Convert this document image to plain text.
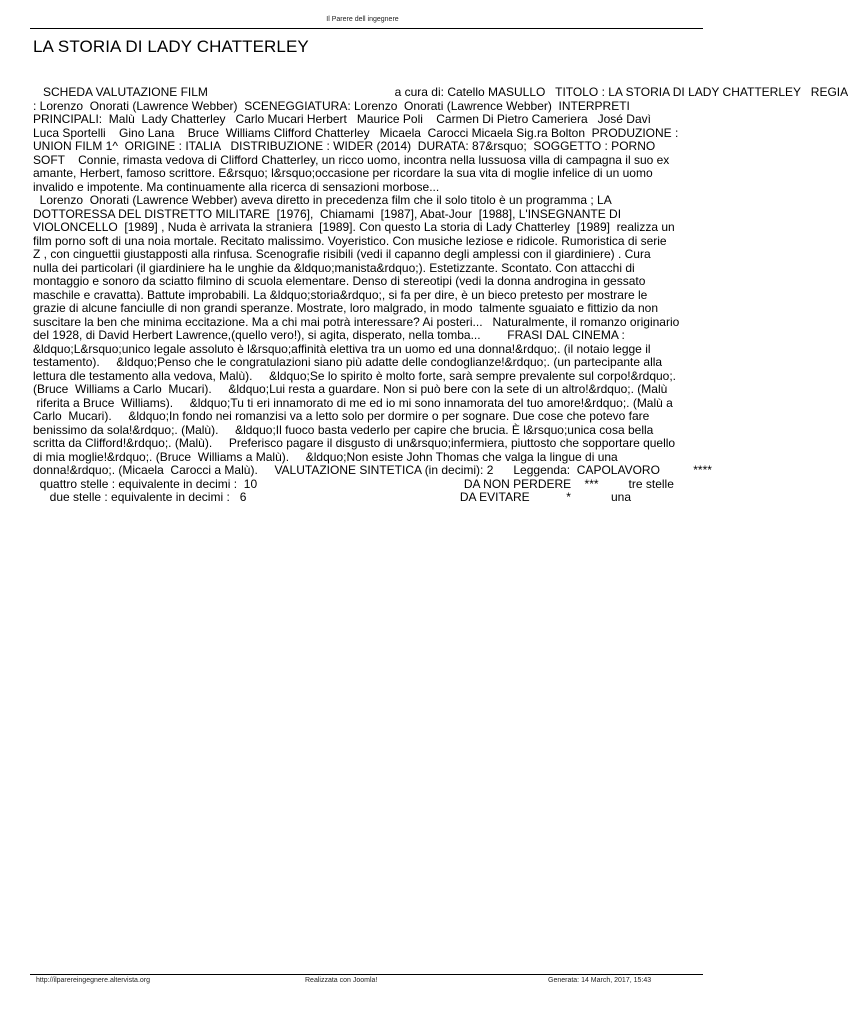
Il Parere dell ingegnere
LA STORIA DI LADY CHATTERLEY
SCHEDA VALUTAZIONE FILM                                                        a cura di: Catello MASULLO   TITOLO : LA STORIA DI LADY CHATTERLEY   REGIA
: Lorenzo  Onorati (Lawrence Webber)  SCENEGGIATURA: Lorenzo  Onorati (Lawrence Webber)  INTERPRETI
PRINCIPALI:  Malù  Lady Chatterley   Carlo Mucari Herbert   Maurice Poli    Carmen Di Pietro Cameriera   José Davì
Luca Sportelli    Gino Lana    Bruce  Williams Clifford Chatterley   Micaela  Carocci Micaela Sig.ra Bolton  PRODUZIONE :
UNION FILM 1^  ORIGINE : ITALIA   DISTRIBUZIONE : WIDER (2014)  DURATA: 87&rsquo;  SOGGETTO : PORNO
SOFT    Connie, rimasta vedova di Clifford Chatterley, un ricco uomo, incontra nella lussuosa villa di campagna il suo ex
amante, Herbert, famoso scrittore. E&rsquo; l&rsquo;occasione per ricordare la sua vita di moglie infelice di un uomo
invalido e impotente. Ma continuamente alla ricerca di sensazioni morbose...
Lorenzo  Onorati (Lawrence Webber) aveva diretto in precedenza film che il solo titolo è un programma ; LA
DOTTORESSA DEL DISTRETTO MILITARE  [1976],  Chiamami  [1987], Abat-Jour  [1988], L'INSEGNANTE DI
VIOLONCELLO  [1989] , Nuda è arrivata la straniera  [1989]. Con questo La storia di Lady Chatterley  [1989]  realizza un
film porno soft di una noia mortale. Recitato malissimo. Voyeristico. Con musiche leziose e ridicole. Rumoristica di serie
Z , con cinguettii giustapposti alla rinfusa. Scenografie risibili (vedi il capanno degli amplessi con il giardiniere) . Cura
nulla dei particolari (il giardiniere ha le unghie da &ldquo;manista&rdquo;). Estetizzante. Scontato. Con attacchi di
montaggio e sonoro da sciatto filmino di scuola elementare. Denso di stereotipi (vedi la donna androgina in gessato
maschile e cravatta). Battute improbabili. La &ldquo;storia&rdquo;, si fa per dire, è un bieco pretesto per mostrare le
grazie di alcune fanciulle di non grandi speranze. Mostrate, loro malgrado, in modo  talmente sguaiato e fittizio da non
suscitare la ben che minima eccitazione. Ma a chi mai potrà interessare? Ai posteri...   Naturalmente, il romanzo originario
del 1928, di David Herbert Lawrence,(quello vero!), si agita, disperato, nella tomba...        FRASI DAL CINEMA :
&ldquo;L&rsquo;unico legale assoluto è l&rsquo;affinità elettiva tra un uomo ed una donna!&rdquo;. (il notaio legge il
testamento).     &ldquo;Penso che le congratulazioni siano più adatte delle condoglianze!&rdquo;. (un partecipante alla
lettura dle testamento alla vedova, Malù).     &ldquo;Se lo spirito è molto forte, sarà sempre prevalente sul corpo!&rdquo;.
(Bruce  Williams a Carlo  Mucari).     &ldquo;Lui resta a guardare. Non si può bere con la sete di un altro!&rdquo;. (Malù
riferita a Bruce  Williams).     &ldquo;Tu ti eri innamorato di me ed io mi sono innamorata del tuo amore!&rdquo;. (Malù a
Carlo  Mucari).     &ldquo;In fondo nei romanzisi va a letto solo per dormire o per sognare. Due cose che potevo fare
benissimo da sola!&rdquo;. (Malù).     &ldquo;Il fuoco basta vederlo per capire che brucia. È l&rsquo;unica cosa bella
scritta da Clifford!&rdquo;. (Malù).     Preferisco pagare il disgusto di un&rsquo;infermiera, piuttosto che sopportare quello
di mia moglie!&rdquo;. (Bruce  Williams a Malù).     &ldquo;Non esiste John Thomas che valga la lingue di una
donna!&rdquo;. (Micaela  Carocci a Malù).     VALUTAZIONE SINTETICA (in decimi): 2      Leggenda:  CAPOLAVORO          ****
quattro stelle : equivalente in decimi :  10                                                              DA NON PERDERE    ***         tre stelle
due stelle : equivalente in decimi :   6                                                                DA EVITARE           *            una
http://ilparereingegnere.altervista.org	Realizzata con Joomla!	Generata: 14 March, 2017, 15:43
